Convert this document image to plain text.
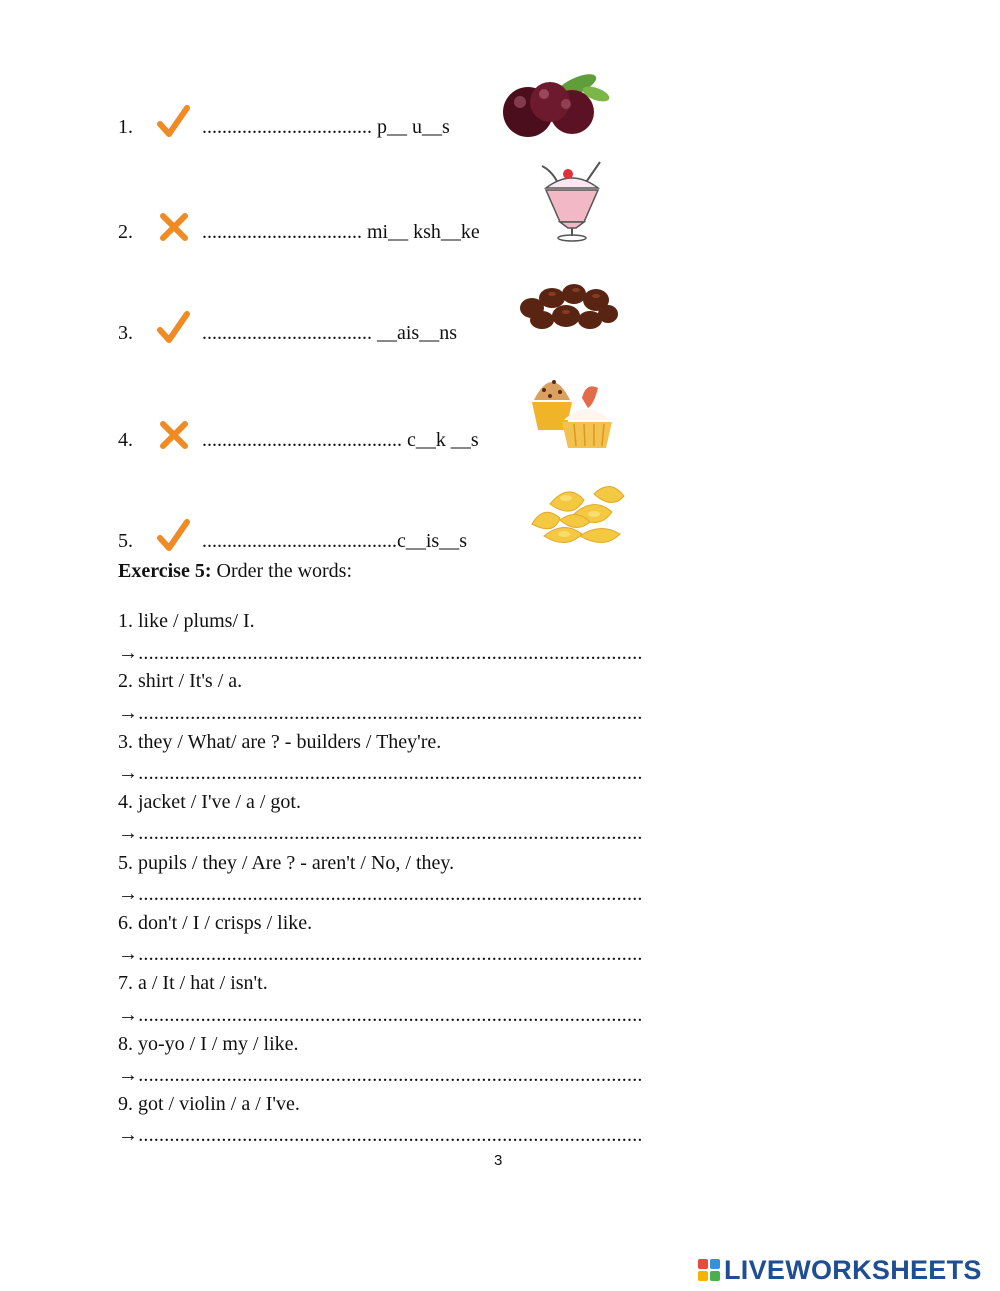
1.	.................................. p__ u__s
2.	................................ mi__ ksh__ke
3.	.................................. __ais__ns
4.	........................................ c__k __s
5.	.......................................c__is__s
Exercise 5: Order the words:
1. like / plums/ I.
→.................................................................................................
2. shirt / It's / a.
→.................................................................................................
3. they / What/ are ? - builders / They're.
→.................................................................................................
4. jacket / I've / a / got.
→.................................................................................................
5. pupils / they / Are ? - aren't / No, / they.
→.................................................................................................
6. don't / I / crisps / like.
→.................................................................................................
7. a / It / hat / isn't.
→.................................................................................................
8. yo-yo / I / my / like.
→.................................................................................................
9. got / violin / a / I've.
→.................................................................................................
3
LIVEWORKSHEETS
